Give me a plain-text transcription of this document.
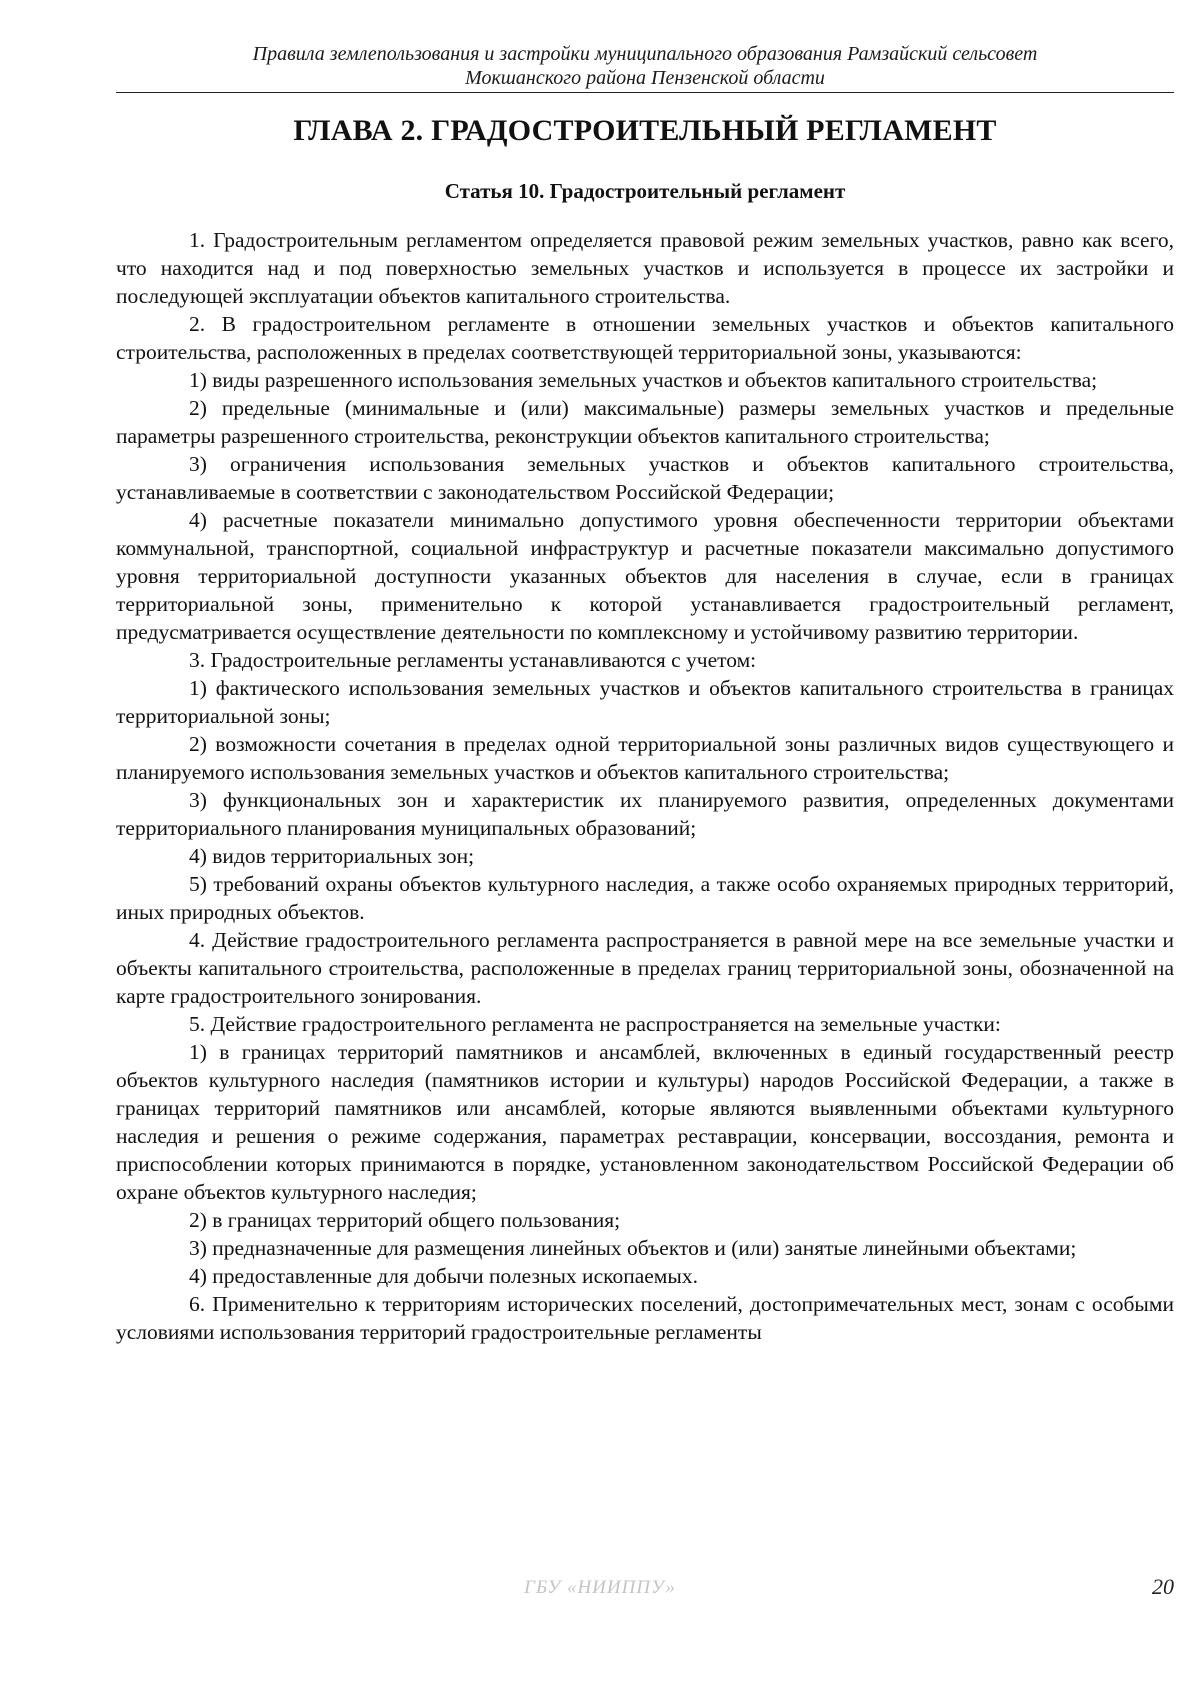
Правила землепользования и застройки муниципального образования Рамзайский сельсовет
Мокшанского района Пензенской области
ГЛАВА 2. ГРАДОСТРОИТЕЛЬНЫЙ РЕГЛАМЕНТ
Статья 10. Градостроительный регламент

1. Градостроительным регламентом определяется правовой режим земельных участков, равно как всего, что находится над и под поверхностью земельных участков и используется в процессе их застройки и последующей эксплуатации объектов капитального строительства.

2. В градостроительном регламенте в отношении земельных участков и объектов капитального строительства, расположенных в пределах соответствующей территориальной зоны, указываются:

1) виды разрешенного использования земельных участков и объектов капитального строительства;

2) предельные (минимальные и (или) максимальные) размеры земельных участков и предельные параметры разрешенного строительства, реконструкции объектов капитального строительства;

3) ограничения использования земельных участков и объектов капитального строительства, устанавливаемые в соответствии с законодательством Российской Федерации;

4) расчетные показатели минимально допустимого уровня обеспеченности территории объектами коммунальной, транспортной, социальной инфраструктур и расчетные показатели максимально допустимого уровня территориальной доступности указанных объектов для населения в случае, если в границах территориальной зоны, применительно к которой устанавливается градостроительный регламент, предусматривается осуществление деятельности по комплексному и устойчивому развитию территории.

3. Градостроительные регламенты устанавливаются с учетом:

1) фактического использования земельных участков и объектов капитального строительства в границах территориальной зоны;

2) возможности сочетания в пределах одной территориальной зоны различных видов существующего и планируемого использования земельных участков и объектов капитального строительства;

3) функциональных зон и характеристик их планируемого развития, определенных документами территориального планирования муниципальных образований;

4) видов территориальных зон;

5) требований охраны объектов культурного наследия, а также особо охраняемых природных территорий, иных природных объектов.

4. Действие градостроительного регламента распространяется в равной мере на все земельные участки и объекты капитального строительства, расположенные в пределах границ территориальной зоны, обозначенной на карте градостроительного зонирования.

5. Действие градостроительного регламента не распространяется на земельные участки:

1) в границах территорий памятников и ансамблей, включенных в единый государственный реестр объектов культурного наследия (памятников истории и культуры) народов Российской Федерации, а также в границах территорий памятников или ансамблей, которые являются выявленными объектами культурного наследия и решения о режиме содержания, параметрах реставрации, консервации, воссоздания, ремонта и приспособлении которых принимаются в порядке, установленном законодательством Российской Федерации об охране объектов культурного наследия;

2) в границах территорий общего пользования;

3) предназначенные для размещения линейных объектов и (или) занятые линейными объектами;

4) предоставленные для добычи полезных ископаемых.

6. Применительно к территориям исторических поселений, достопримечательных мест, зонам с особыми условиями использования территорий градостроительные регламенты

ГБУ «НИИППУ»	20
